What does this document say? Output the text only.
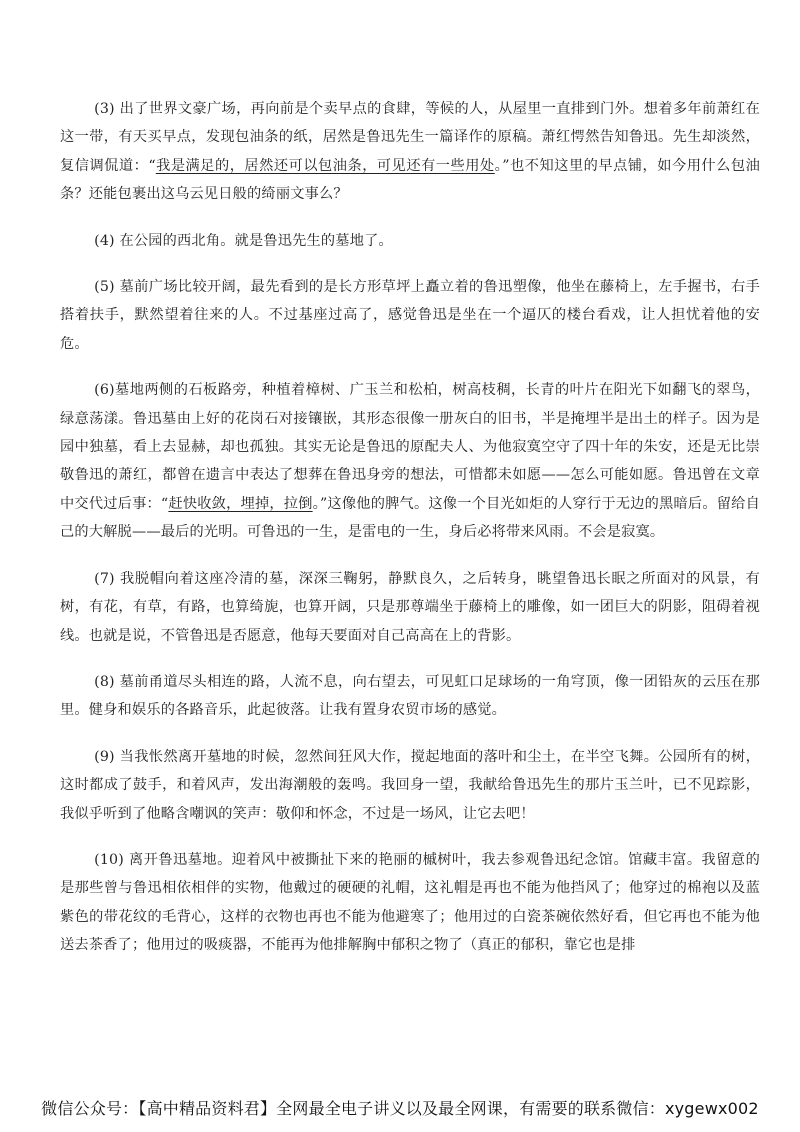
(3) 出了世界文豪广场，再向前是个卖早点的食肆，等候的人，从屋里一直排到门外。想着多年前萧红在这一带，有天买早点，发现包油条的纸，居然是鲁迅先生一篇译作的原稿。萧红愕然告知鲁迅。先生却淡然，复信调侃道：“我是满足的，居然还可以包油条，可见还有一些用处。”也不知这里的早点铺，如今用什么包油条？还能包裹出这乌云见日般的绮丽文事么？

(4) 在公园的西北角。就是鲁迅先生的墓地了。

(5) 墓前广场比较开阔，最先看到的是长方形草坪上矗立着的鲁迅塑像，他坐在藤椅上，左手握书，右手搭着扶手，默然望着往来的人。不过基座过高了，感觉鲁迅是坐在一个逼仄的楼台看戏，让人担忧着他的安危。

(6)墓地两侧的石板路旁，种植着樟树、广玉兰和松柏，树高枝稠，长青的叶片在阳光下如翻飞的翠鸟，绿意荡漾。鲁迅墓由上好的花岗石对接镶嵌，其形态很像一册灰白的旧书，半是掩埋半是出土的样子。因为是园中独墓，看上去显赫，却也孤独。其实无论是鲁迅的原配夫人、为他寂寞空守了四十年的朱安，还是无比崇敬鲁迅的萧红，都曾在遗言中表达了想葬在鲁迅身旁的想法，可惜都未如愿——怎么可能如愿。鲁迅曾在文章中交代过后事：“赶快收敛，埋掉，拉倒。”这像他的脾气。这像一个目光如炬的人穿行于无边的黑暗后。留给自己的大解脱——最后的光明。可鲁迅的一生，是雷电的一生，身后必将带来风雨。不会是寂寞。

(7) 我脱帽向着这座冷清的墓，深深三鞠躬，静默良久，之后转身，眺望鲁迅长眠之所面对的风景，有树，有花，有草，有路，也算绮旎，也算开阔，只是那尊端坐于藤椅上的雕像，如一团巨大的阴影，阻碍着视线。也就是说，不管鲁迅是否愿意，他每天要面对自己高高在上的背影。

(8) 墓前甬道尽头相连的路，人流不息，向右望去，可见虹口足球场的一角穹顶，像一团铅灰的云压在那里。健身和娱乐的各路音乐，此起彼落。让我有置身农贸市场的感觉。

(9) 当我怅然离开墓地的时候，忽然间狂风大作，搅起地面的落叶和尘土，在半空飞舞。公园所有的树，这时都成了鼓手，和着风声，发出海潮般的轰鸣。我回身一望，我献给鲁迅先生的那片玉兰叶，已不见踪影，我似乎听到了他略含嘲讽的笑声：敬仰和怀念，不过是一场风，让它去吧！

(10) 离开鲁迅墓地。迎着风中被撕扯下来的艳丽的槭树叶，我去参观鲁迅纪念馆。馆藏丰富。我留意的是那些曾与鲁迅相依相伴的实物，他戴过的硬硬的礼帽，这礼帽是再也不能为他挡风了；他穿过的棉袍以及蓝紫色的带花纹的毛背心，这样的衣物也再也不能为他避寒了；他用过的白瓷茶碗依然好看，但它再也不能为他送去茶香了；他用过的吸痰器，不能再为他排解胸中郁积之物了（真正的郁积，靠它也是排

微信公众号：【高中精品资料君】全网最全电子讲义以及最全网课，有需要的联系微信：xygewx002
